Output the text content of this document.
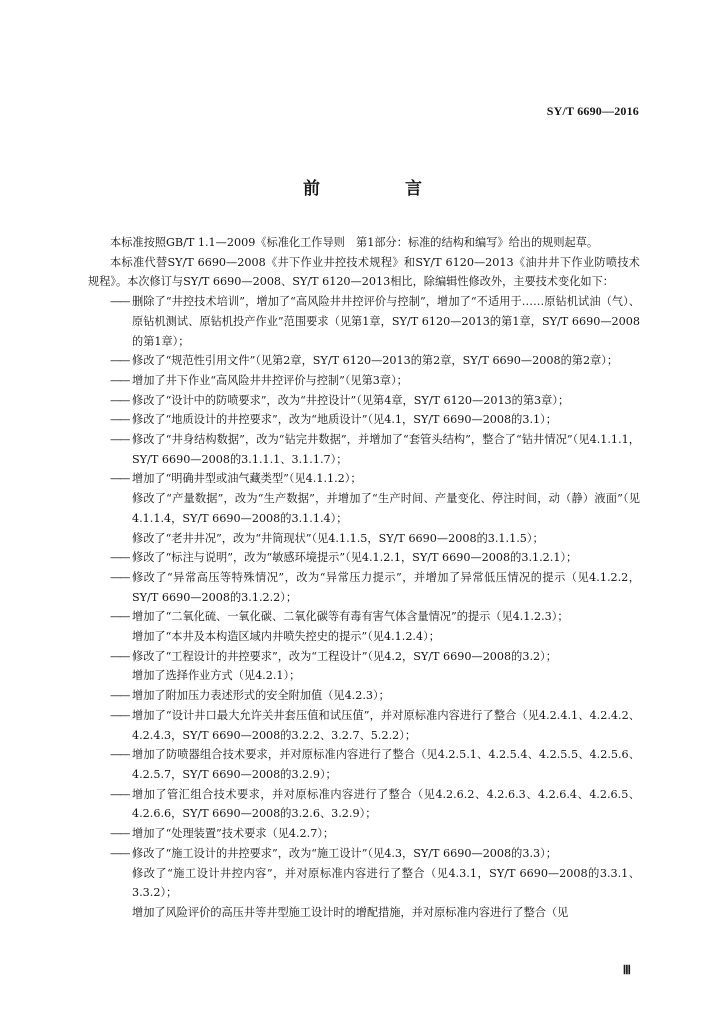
SY/T 6690—2016
前　言

本标准按照GB/T 1.1—2009《标准化工作导则　第1部分：标准的结构和编写》给出的规则起草。

本标准代替SY/T 6690—2008《井下作业井控技术规程》和SY/T 6120—2013《油井井下作业防喷技术规程》。本次修订与SY/T 6690—2008、SY/T 6120—2013相比，除编辑性修改外，主要技术变化如下：

—— 删除了“井控技术培训”，增加了“高风险井井控评价与控制”，增加了“不适用于……原钻机试油（气）、原钻机测试、原钻机投产作业”范围要求（见第1章，SY/T 6120—2013的第1章，SY/T 6690—2008的第1章）；

—— 修改了“规范性引用文件”（见第2章，SY/T 6120—2013的第2章，SY/T 6690—2008的第2章）；

—— 增加了井下作业“高风险井井控评价与控制”（见第3章）；

—— 修改了“设计中的防喷要求”，改为“井控设计”（见第4章，SY/T 6120—2013的第3章）；

—— 修改了“地质设计的井控要求”，改为“地质设计”（见4.1，SY/T 6690—2008的3.1）；

—— 修改了“井身结构数据”，改为“钻完井数据”，并增加了“套管头结构”，整合了“钻井情况”（见4.1.1.1，SY/T 6690—2008的3.1.1.1、3.1.1.7）；

—— 增加了“明确井型或油气藏类型”（见4.1.1.2）；

修改了“产量数据”，改为“生产数据”，并增加了“生产时间、产量变化、停注时间，动（静）液面”（见4.1.1.4，SY/T 6690—2008的3.1.1.4）；

修改了“老井井况”，改为“井筒现状”（见4.1.1.5，SY/T 6690—2008的3.1.1.5）；

—— 修改了“标注与说明”，改为“敏感环境提示”（见4.1.2.1，SY/T 6690—2008的3.1.2.1）；

—— 修改了“异常高压等特殊情况”，改为“异常压力提示”，并增加了异常低压情况的提示（见4.1.2.2，SY/T 6690—2008的3.1.2.2）；

—— 增加了“二氧化硫、一氧化碳、二氧化碳等有毒有害气体含量情况”的提示（见4.1.2.3）；

增加了“本井及本构造区域内井喷失控史的提示”（见4.1.2.4）；

—— 修改了“工程设计的井控要求”，改为“工程设计”（见4.2，SY/T 6690—2008的3.2）；

增加了选择作业方式（见4.2.1）；

—— 增加了附加压力表述形式的安全附加值（见4.2.3）；

—— 增加了“设计井口最大允许关井套压值和试压值”，并对原标准内容进行了整合（见4.2.4.1、4.2.4.2、4.2.4.3，SY/T 6690—2008的3.2.2、3.2.7、5.2.2）；

—— 增加了防喷器组合技术要求，并对原标准内容进行了整合（见4.2.5.1、4.2.5.4、4.2.5.5、4.2.5.6、4.2.5.7，SY/T 6690—2008的3.2.9）；

—— 增加了管汇组合技术要求，并对原标准内容进行了整合（见4.2.6.2、4.2.6.3、4.2.6.4、4.2.6.5、4.2.6.6，SY/T 6690—2008的3.2.6、3.2.9）；

—— 增加了“处理装置”技术要求（见4.2.7）；

—— 修改了“施工设计的井控要求”，改为“施工设计”（见4.3，SY/T 6690—2008的3.3）；

修改了“施工设计井控内容”，并对原标准内容进行了整合（见4.3.1，SY/T 6690—2008的3.3.1、3.3.2）；

增加了风险评价的高压井等井型施工设计时的增配措施，并对原标准内容进行了整合（见

Ⅲ
